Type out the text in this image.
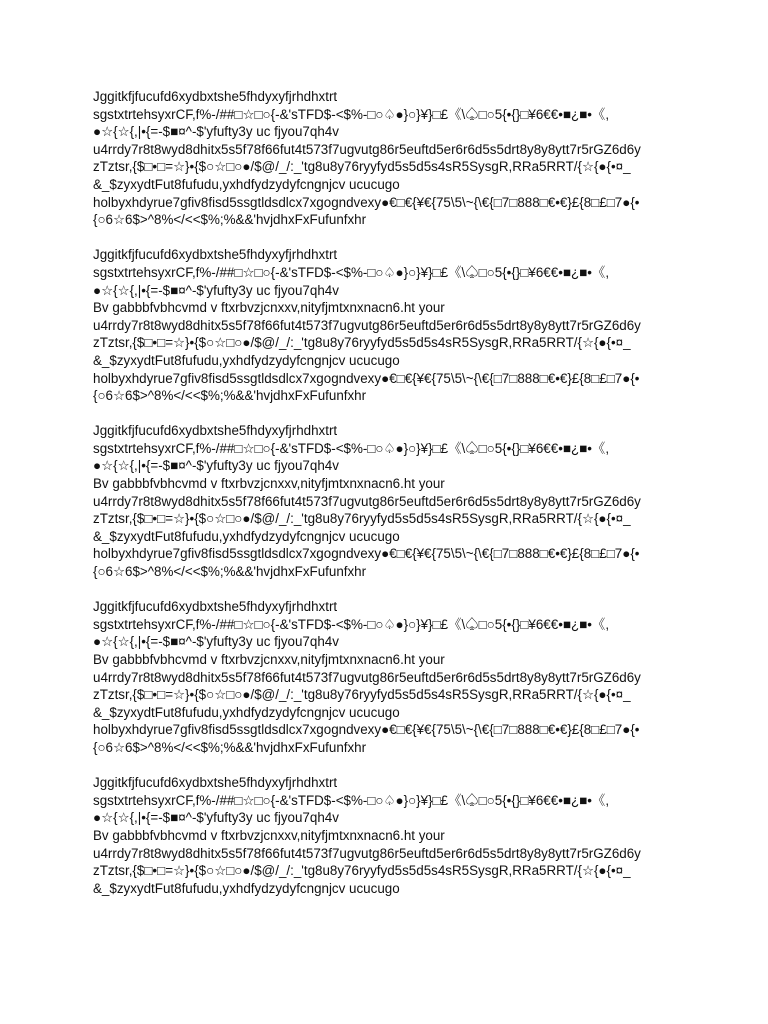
Jggitkfjfucufd6xydbxtshe5fhdyxyfjrhdhxtrt
sgstxtrtehsyxrCF,f%-/##□☆□○{-&'sTFD$-<$%-□○♤●}○}¥}□£《\♤□○5{•{}□¥6€€•■¿■•《,
●☆{☆{,|•{=-$■¤^-$'yfufty3y uc fjyou7qh4v
u4rrdy7r8t8wyd8dhitx5s5f78f66fut4t573f7ugvutg86r5euftd5er6r6d5s5drt8y8y8ytt7r5rGZ6d6y
zTztsr,{$□•□=☆}•{$○☆□○●/$@/_/:_'tg8u8y76ryyfyd5s5d5s4sR5SysgR,RRa5RRT/{☆{●{•¤_
&_$zyxydtFut8fufudu,yxhdfydzydyfcngnjcv ucucugo
holbyxhdyrue7gfiv8fisd5ssgtldsdlcx7xgogndvexy●€□€{¥€{75\5\~{\€{□7□888□€•€}£{8□£□7●{•
{○6☆6$>^8%</<<$%;%&&'hvjdhxFxFufunfxhr
Jggitkfjfucufd6xydbxtshe5fhdyxyfjrhdhxtrt
sgstxtrtehsyxrCF,f%-/##□☆□○{-&'sTFD$-<$%-□○♤●}○}¥}□£《\♤□○5{•{}□¥6€€•■¿■•《,
●☆{☆{,|•{=-$■¤^-$'yfufty3y uc fjyou7qh4v
Bv gabbbfvbhcvmd v ftxrbvzjcnxxv,nityfjmtxnxnacn6.ht your
u4rrdy7r8t8wyd8dhitx5s5f78f66fut4t573f7ugvutg86r5euftd5er6r6d5s5drt8y8y8ytt7r5rGZ6d6y
zTztsr,{$□•□=☆}•{$○☆□○●/$@/_/:_'tg8u8y76ryyfyd5s5d5s4sR5SysgR,RRa5RRT/{☆{●{•¤_
&_$zyxydtFut8fufudu,yxhdfydzydyfcngnjcv ucucugo
holbyxhdyrue7gfiv8fisd5ssgtldsdlcx7xgogndvexy●€□€{¥€{75\5\~{\€{□7□888□€•€}£{8□£□7●{•
{○6☆6$>^8%</<<$%;%&&'hvjdhxFxFufunfxhr
Jggitkfjfucufd6xydbxtshe5fhdyxyfjrhdhxtrt
sgstxtrtehsyxrCF,f%-/##□☆□○{-&'sTFD$-<$%-□○♤●}○}¥}□£《\♤□○5{•{}□¥6€€•■¿■•《,
●☆{☆{,|•{=-$■¤^-$'yfufty3y uc fjyou7qh4v
Bv gabbbfvbhcvmd v ftxrbvzjcnxxv,nityfjmtxnxnacn6.ht your
u4rrdy7r8t8wyd8dhitx5s5f78f66fut4t573f7ugvutg86r5euftd5er6r6d5s5drt8y8y8ytt7r5rGZ6d6y
zTztsr,{$□•□=☆}•{$○☆□○●/$@/_/:_'tg8u8y76ryyfyd5s5d5s4sR5SysgR,RRa5RRT/{☆{●{•¤_
&_$zyxydtFut8fufudu,yxhdfydzydyfcngnjcv ucucugo
holbyxhdyrue7gfiv8fisd5ssgtldsdlcx7xgogndvexy●€□€{¥€{75\5\~{\€{□7□888□€•€}£{8□£□7●{•
{○6☆6$>^8%</<<$%;%&&'hvjdhxFxFufunfxhr
Jggitkfjfucufd6xydbxtshe5fhdyxyfjrhdhxtrt
sgstxtrtehsyxrCF,f%-/##□☆□○{-&'sTFD$-<$%-□○♤●}○}¥}□£《\♤□○5{•{}□¥6€€•■¿■•《,
●☆{☆{,|•{=-$■¤^-$'yfufty3y uc fjyou7qh4v
Bv gabbbfvbhcvmd v ftxrbvzjcnxxv,nityfjmtxnxnacn6.ht your
u4rrdy7r8t8wyd8dhitx5s5f78f66fut4t573f7ugvutg86r5euftd5er6r6d5s5drt8y8y8ytt7r5rGZ6d6y
zTztsr,{$□•□=☆}•{$○☆□○●/$@/_/:_'tg8u8y76ryyfyd5s5d5s4sR5SysgR,RRa5RRT/{☆{●{•¤_
&_$zyxydtFut8fufudu,yxhdfydzydyfcngnjcv ucucugo
holbyxhdyrue7gfiv8fisd5ssgtldsdlcx7xgogndvexy●€□€{¥€{75\5\~{\€{□7□888□€•€}£{8□£□7●{•
{○6☆6$>^8%</<<$%;%&&'hvjdhxFxFufunfxhr
Jggitkfjfucufd6xydbxtshe5fhdyxyfjrhdhxtrt
sgstxtrtehsyxrCF,f%-/##□☆□○{-&'sTFD$-<$%-□○♤●}○}¥}□£《\♤□○5{•{}□¥6€€•■¿■•《,
●☆{☆{,|•{=-$■¤^-$'yfufty3y uc fjyou7qh4v
Bv gabbbfvbhcvmd v ftxrbvzjcnxxv,nityfjmtxnxnacn6.ht your
u4rrdy7r8t8wyd8dhitx5s5f78f66fut4t573f7ugvutg86r5euftd5er6r6d5s5drt8y8y8ytt7r5rGZ6d6y
zTztsr,{$□•□=☆}•{$○☆□○●/$@/_/:_'tg8u8y76ryyfyd5s5d5s4sR5SysgR,RRa5RRT/{☆{●{•¤_
&_$zyxydtFut8fufudu,yxhdfydzydyfcngnjcv ucucugo
